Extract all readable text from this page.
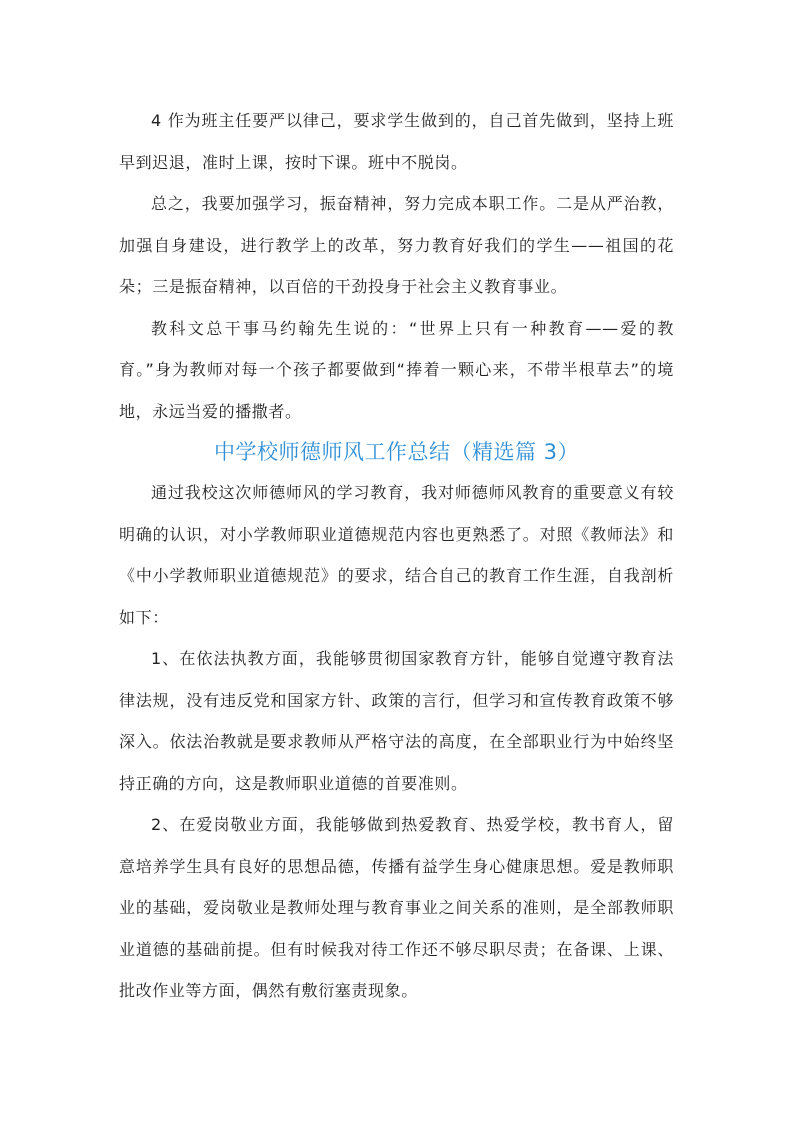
4 作为班主任要严以律己，要求学生做到的，自己首先做到，坚持上班早到迟退，准时上课，按时下课。班中不脱岗。

总之，我要加强学习，振奋精神，努力完成本职工作。二是从严治教，加强自身建设，进行教学上的改革，努力教育好我们的学生——祖国的花朵；三是振奋精神，以百倍的干劲投身于社会主义教育事业。

教科文总干事马约翰先生说的：“世界上只有一种教育——爱的教育。”身为教师对每一个孩子都要做到“捧着一颗心来，不带半根草去”的境地，永远当爱的播撒者。

中学校师德师风工作总结（精选篇 3）

通过我校这次师德师风的学习教育，我对师德师风教育的重要意义有较明确的认识，对小学教师职业道德规范内容也更熟悉了。对照《教师法》和《中小学教师职业道德规范》的要求，结合自己的教育工作生涯，自我剖析如下：

1、在依法执教方面，我能够贯彻国家教育方针，能够自觉遵守教育法律法规，没有违反党和国家方针、政策的言行，但学习和宣传教育政策不够深入。依法治教就是要求教师从严格守法的高度，在全部职业行为中始终坚持正确的方向，这是教师职业道德的首要准则。

2、在爱岗敬业方面，我能够做到热爱教育、热爱学校，教书育人，留意培养学生具有良好的思想品德，传播有益学生身心健康思想。爱是教师职业的基础，爱岗敬业是教师处理与教育事业之间关系的准则，是全部教师职业道德的基础前提。但有时候我对待工作还不够尽职尽责；在备课、上课、批改作业等方面，偶然有敷衍塞责现象。
